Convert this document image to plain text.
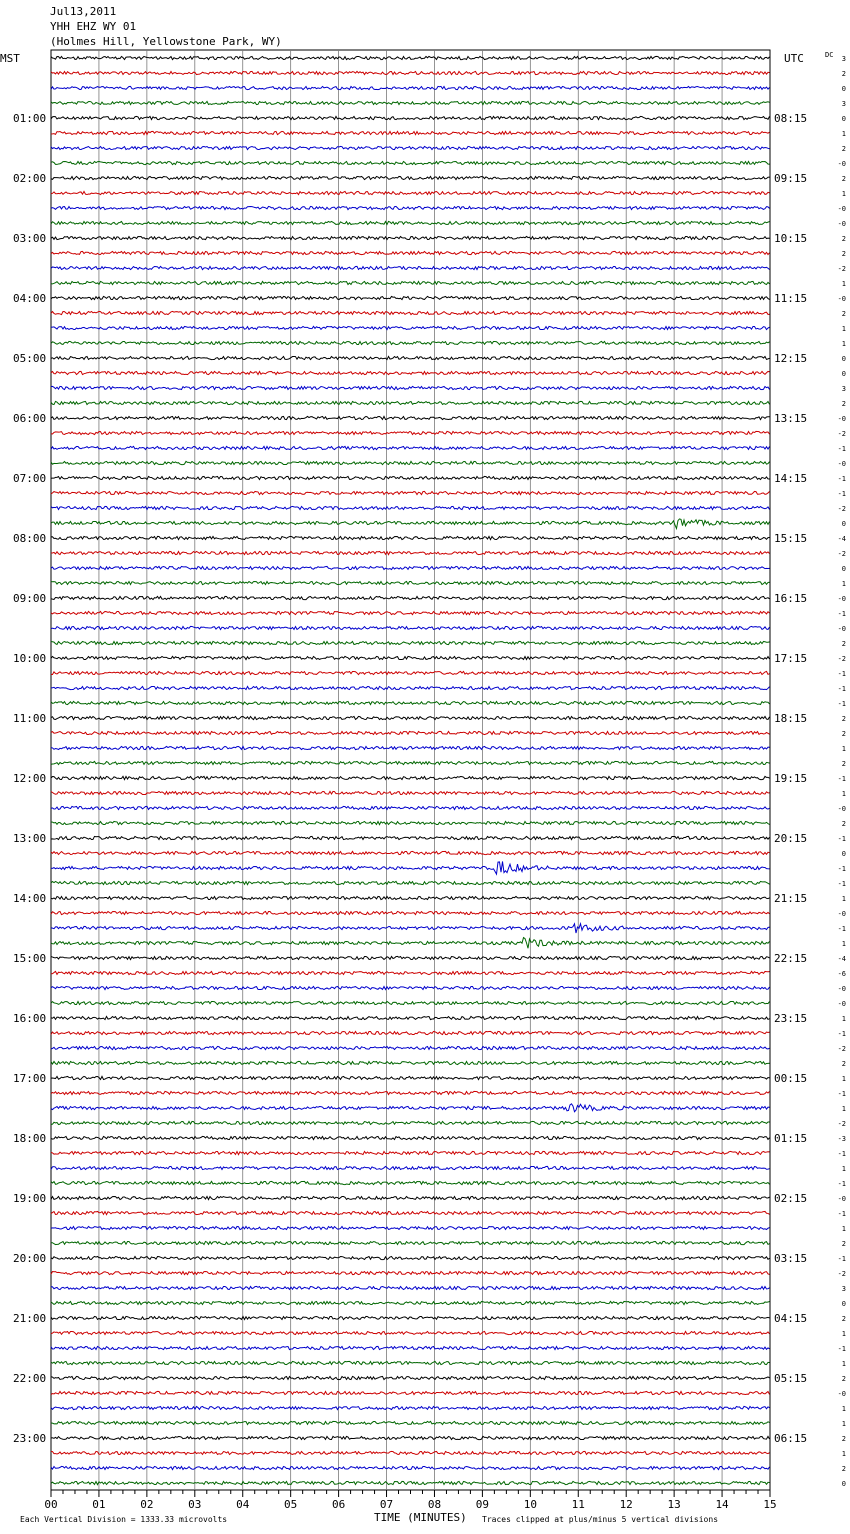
00	01	02	03	04	05	06	07	08	09	10	11	12	13	14	15
3
2
0
3
0
1
2
-0
2
1
-0
-0
2
2
-2
1
-0
2
1
1
0
0
3
2
-0
-2
-1
-0
-1
-1
-2
0
-4
-2
0
1
-0
-1
-0
2
-2
-1
-1
-1
2
2
1
2
-1
1
-0
2
-1
0
-1
-1
1
-0
-1
1
-4
-6
-0
-0
1
-1
-2
2
1
-1
1
-2
-3
-1
1
-1
-0
-1
1
2
-1
-2
3
0
2
1
-1
1
2
-0
1
1
2
1
2
0
MST	UTC	DC
01:00
02:00
03:00
04:00
05:00
06:00
07:00
08:00
09:00
10:00
11:00
12:00
13:00
14:00
15:00
16:00
17:00
18:00
19:00
20:00
21:00
22:00
23:00
08:15
09:15
10:15
11:15
12:15
13:15
14:15
15:15
16:15
17:15
18:15
19:15
20:15
21:15
22:15
23:15
00:15
01:15
02:15
03:15
04:15
05:15
06:15
Jul13,2011
YHH EHZ WY 01
(Holmes Hill, Yellowstone Park, WY)
Each Vertical Division = 1333.33 microvolts	TIME (MINUTES) Traces clipped at plus/minus 5 vertical divisions
